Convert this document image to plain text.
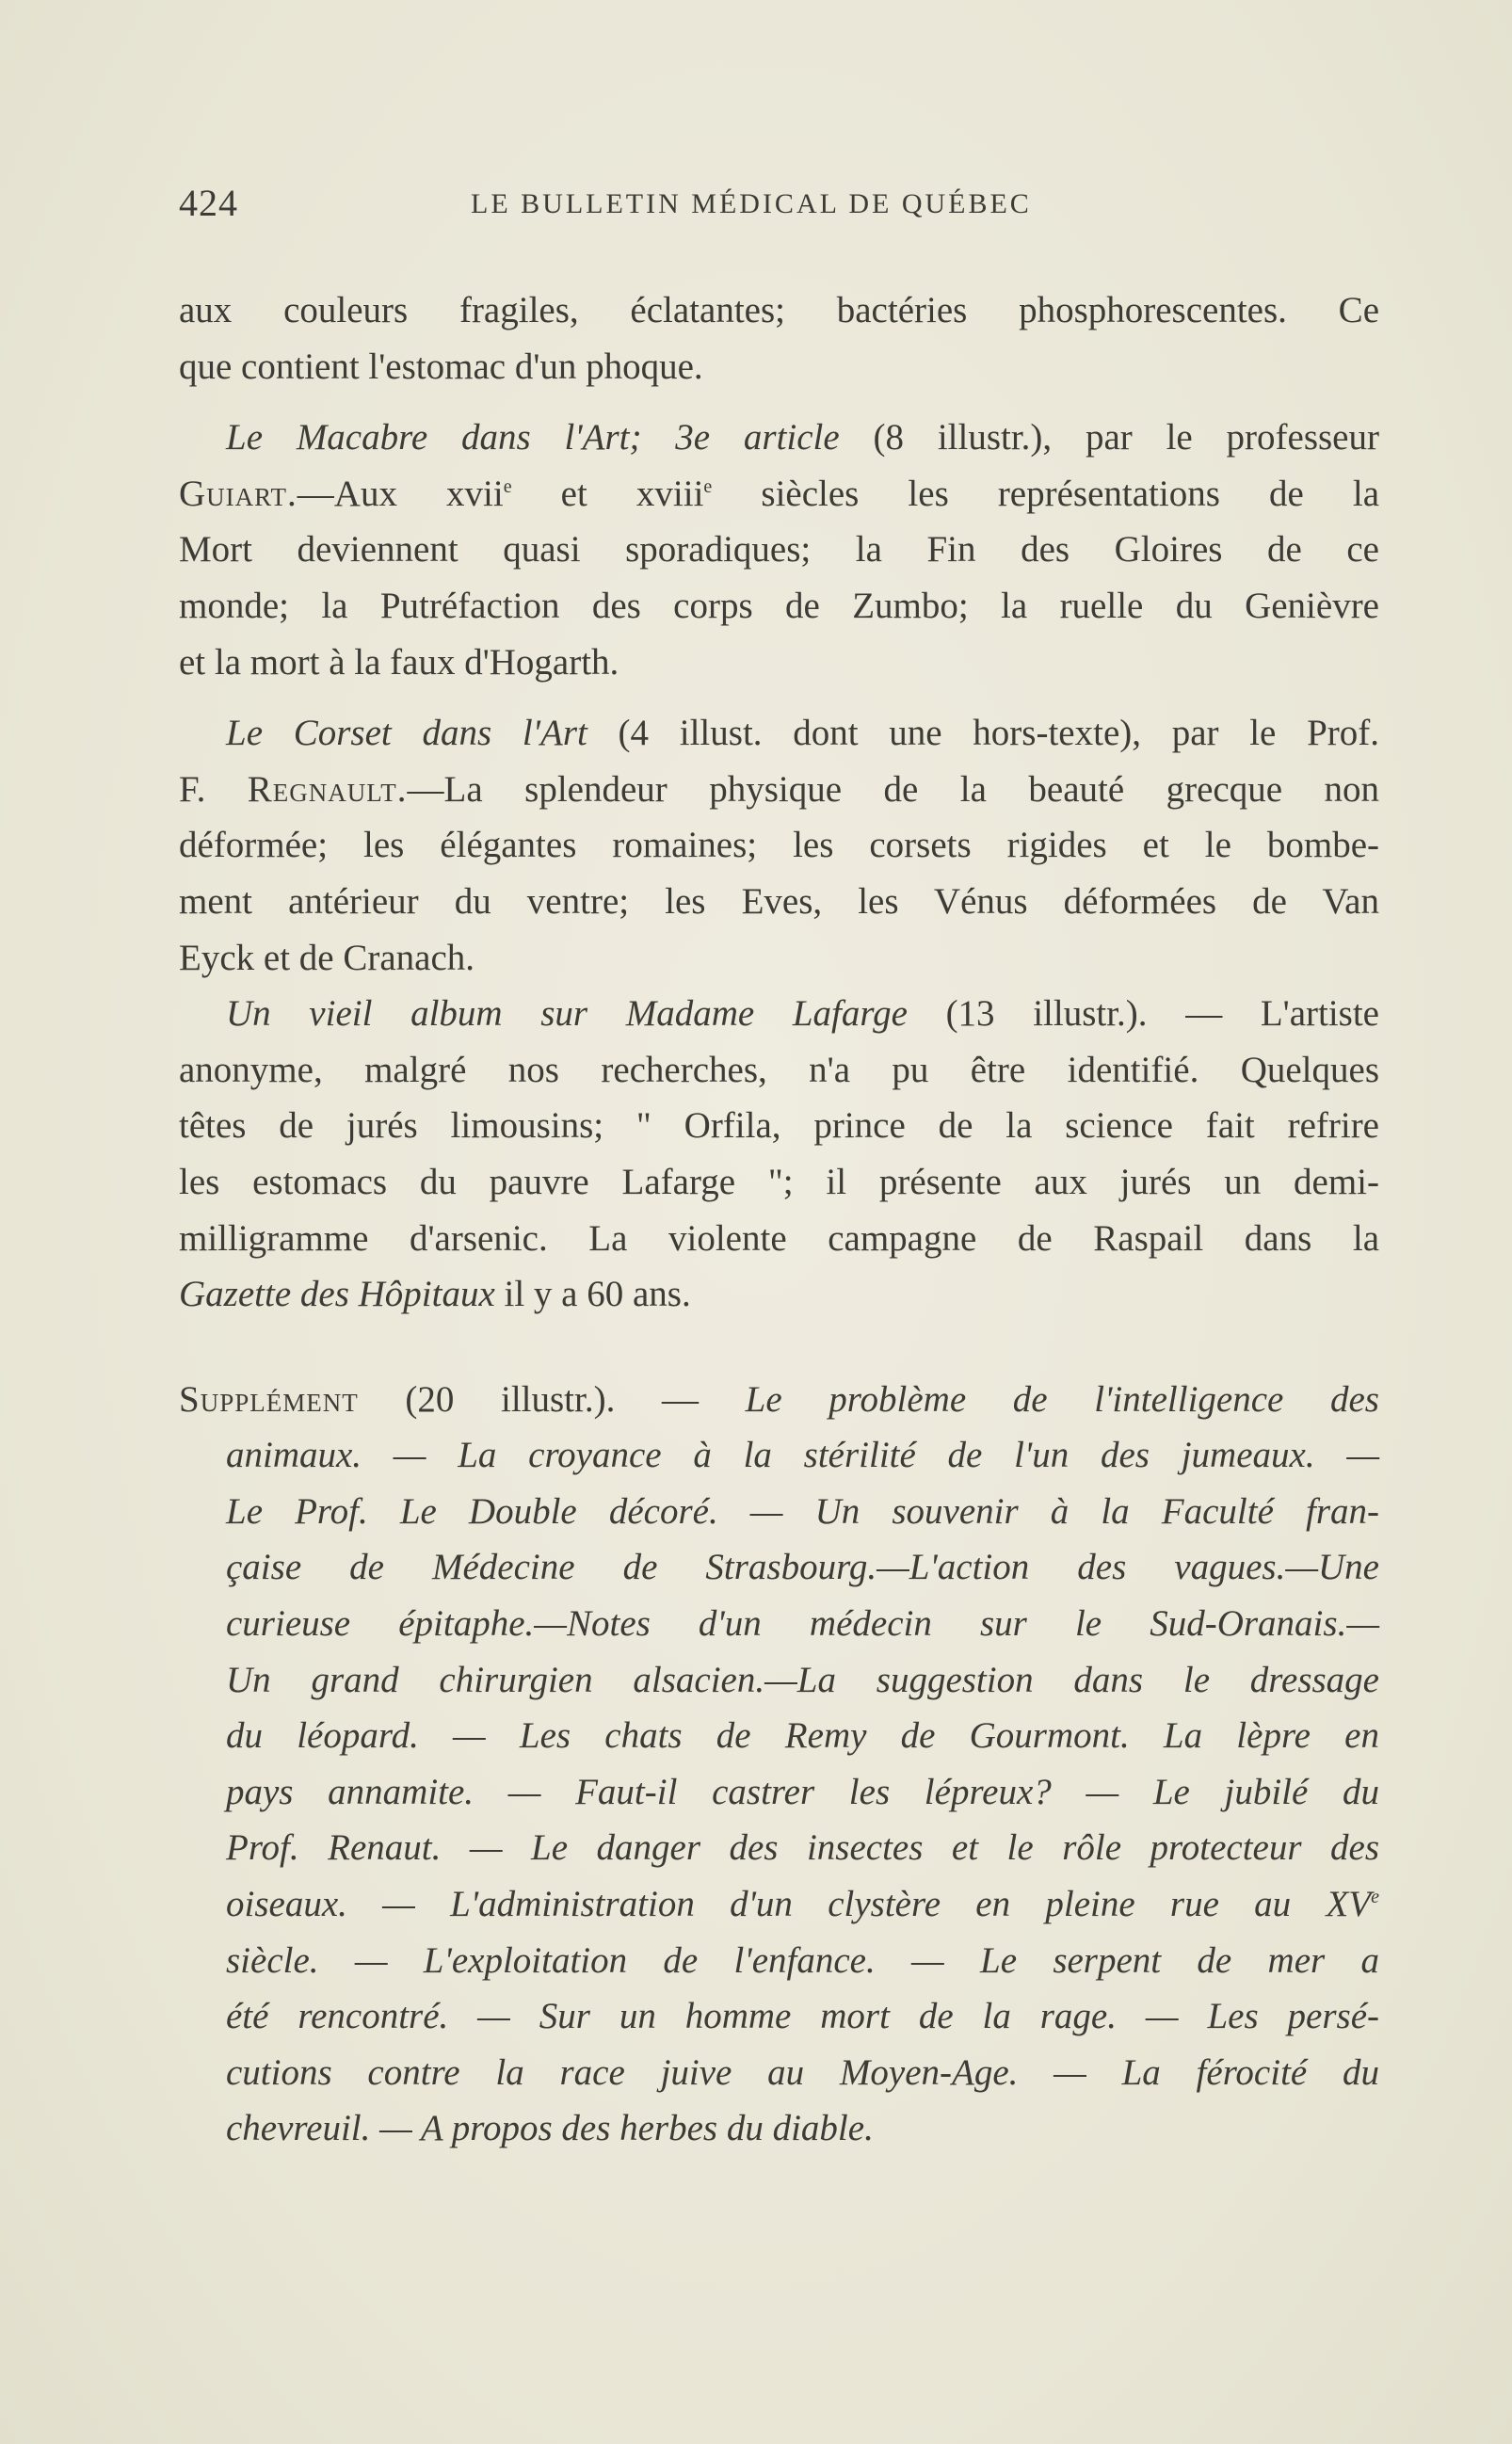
424	LE BULLETIN MÉDICAL DE QUÉBEC
aux couleurs fragiles, éclatantes; bactéries phosphorescentes. Ce
que contient l'estomac d'un phoque.
Le Macabre dans l'Art; 3e article (8 illustr.), par le professeur
Guiart.—Aux xvii$^e$ et xviii$^e$ siècles les représentations de la
Mort deviennent quasi sporadiques; la Fin des Gloires de ce
monde; la Putréfaction des corps de Zumbo; la ruelle du Genièvre
et la mort à la faux d'Hogarth.
Le Corset dans l'Art (4 illust. dont une hors-texte), par le Prof.
F. Regnault.—La splendeur physique de la beauté grecque non
déformée; les élégantes romaines; les corsets rigides et le bombe-
ment antérieur du ventre; les Eves, les Vénus déformées de Van
Eyck et de Cranach.
Un vieil album sur Madame Lafarge (13 illustr.). — L'artiste
anonyme, malgré nos recherches, n'a pu être identifié. Quelques
têtes de jurés limousins; " Orfila, prince de la science fait refrire
les estomacs du pauvre Lafarge "; il présente aux jurés un demi-
milligramme d'arsenic. La violente campagne de Raspail dans la
Gazette des Hôpitaux il y a 60 ans.
Supplément (20 illustr.). — Le problème de l'intelligence des
animaux. — La croyance à la stérilité de l'un des jumeaux. —
Le Prof. Le Double décoré. — Un souvenir à la Faculté fran-
çaise de Médecine de Strasbourg.—L'action des vagues.—Une
curieuse épitaphe.—Notes d'un médecin sur le Sud-Oranais.—
Un grand chirurgien alsacien.—La suggestion dans le dressage
du léopard. — Les chats de Remy de Gourmont. La lèpre en
pays annamite. — Faut-il castrer les lépreux? — Le jubilé du
Prof. Renaut. — Le danger des insectes et le rôle protecteur des
oiseaux. — L'administration d'un clystère en pleine rue au XVe
siècle. — L'exploitation de l'enfance. — Le serpent de mer a
été rencontré. — Sur un homme mort de la rage. — Les persé-
cutions contre la race juive au Moyen-Age. — La férocité du
chevreuil. — A propos des herbes du diable.
